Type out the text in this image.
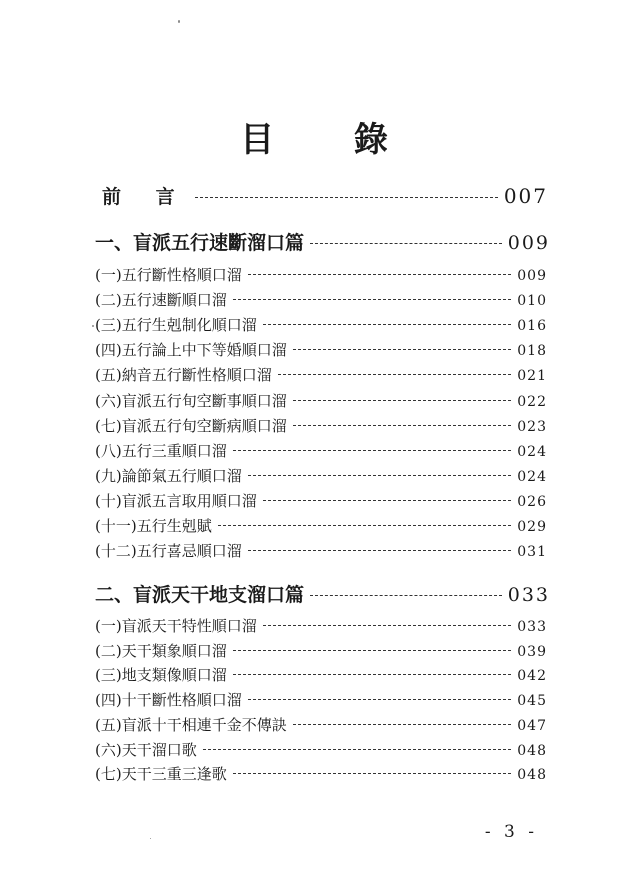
目 錄
前 言	007
一、盲派五行速斷溜口篇	009
(一) 五行斷性格順口溜	009
(二) 五行速斷順口溜	010
(三) 五行生剋制化順口溜	016
(四) 五行論上中下等婚順口溜	018
(五) 納音五行斷性格順口溜	021
(六) 盲派五行旬空斷事順口溜	022
(七) 盲派五行旬空斷病順口溜	023
(八) 五行三重順口溜	024
(九) 論節氣五行順口溜	024
(十) 盲派五言取用順口溜	026
(十一) 五行生剋賦	029
(十二) 五行喜忌順口溜	031
二、盲派天干地支溜口篇	033
(一) 盲派天干特性順口溜	033
(二) 天干類象順口溜	039
(三) 地支類像順口溜	042
(四) 十干斷性格順口溜	045
(五) 盲派十干相連千金不傳訣	047
(六) 天干溜口歌	048
(七) 天干三重三逢歌	048
- 3 -
